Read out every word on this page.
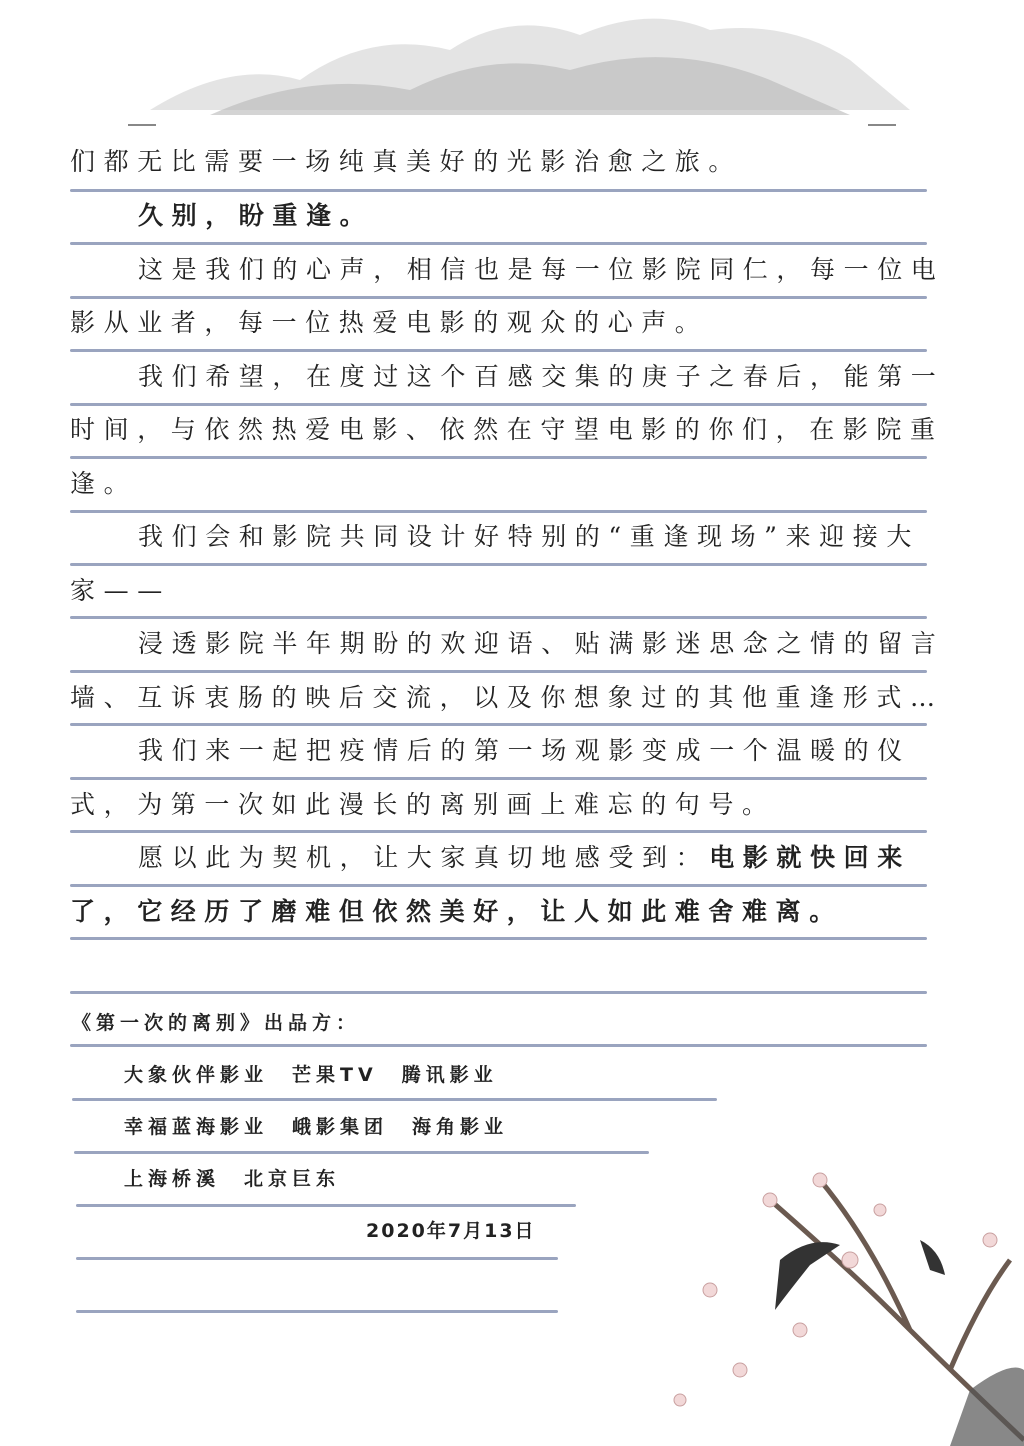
们都无比需要一场纯真美好的光影治愈之旅。
久别，盼重逢。
这是我们的心声，相信也是每一位影院同仁，每一位电
影从业者，每一位热爱电影的观众的心声。
我们希望，在度过这个百感交集的庚子之春后，能第一
时间，与依然热爱电影、依然在守望电影的你们，在影院重
逢。
我们会和影院共同设计好特别的“重逢现场”来迎接大
家——
浸透影院半年期盼的欢迎语、贴满影迷思念之情的留言
墙、互诉衷肠的映后交流，以及你想象过的其他重逢形式…
我们来一起把疫情后的第一场观影变成一个温暖的仪
式，为第一次如此漫长的离别画上难忘的句号。
愿以此为契机，让大家真切地感受到：电影就快回来
了，它经历了磨难但依然美好，让人如此难舍难离。
《第一次的离别》出品方：
大象伙伴影业　芒果TV　腾讯影业
幸福蓝海影业　峨影集团　海角影业
上海桥溪　北京巨东
2020年7月13日
